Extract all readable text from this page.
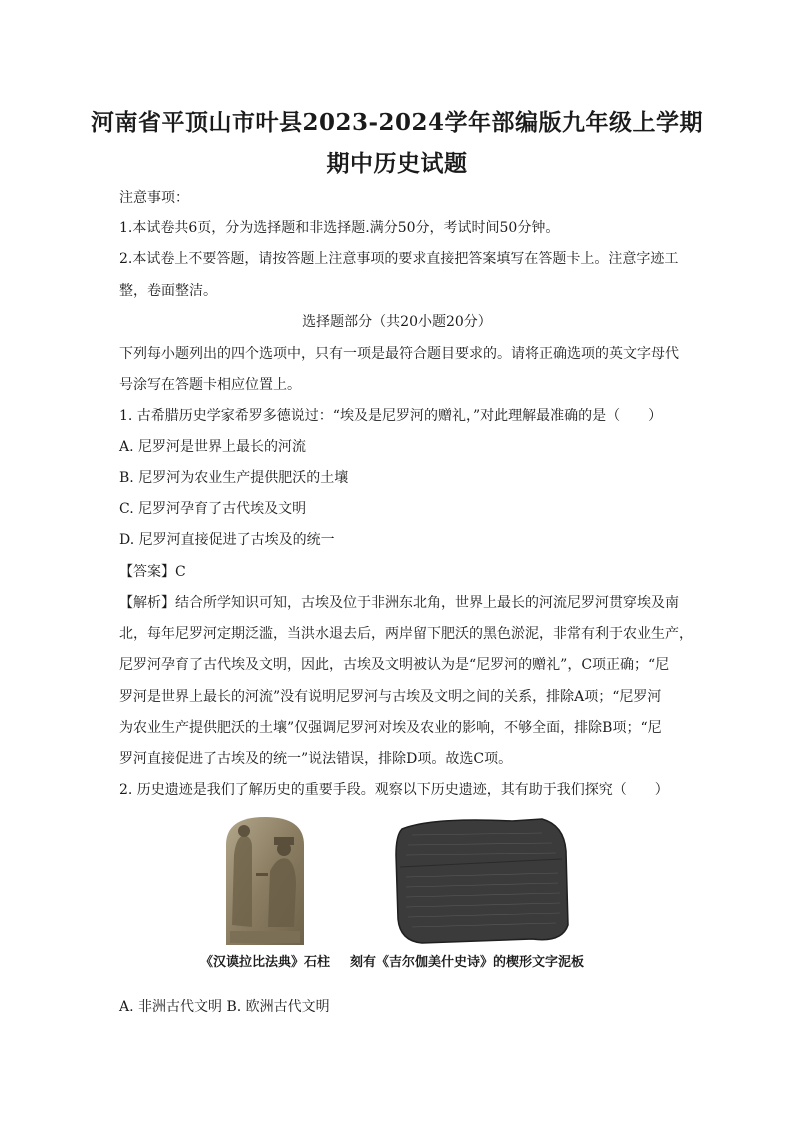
河南省平顶山市叶县2023-2024学年部编版九年级上学期
期中历史试题
注意事项：
1.本试卷共6页，分为选择题和非选择题.满分50分，考试时间50分钟。
2.本试卷上不要答题，请按答题上注意事项的要求直接把答案填写在答题卡上。注意字迹工
整，卷面整洁。
选择题部分（共20小题20分）
下列每小题列出的四个选项中，只有一项是最符合题目要求的。请将正确选项的英文字母代
号涂写在答题卡相应位置上。
1. 古希腊历史学家希罗多德说过：“埃及是尼罗河的赠礼，”对此理解最准确的是（　　）
A. 尼罗河是世界上最长的河流
B. 尼罗河为农业生产提供肥沃的土壤
C. 尼罗河孕育了古代埃及文明
D. 尼罗河直接促进了古埃及的统一
【答案】C
【解析】结合所学知识可知，古埃及位于非洲东北角，世界上最长的河流尼罗河贯穿埃及南
北，每年尼罗河定期泛滥，当洪水退去后，两岸留下肥沃的黑色淤泥，非常有利于农业生产，
尼罗河孕育了古代埃及文明，因此，古埃及文明被认为是“尼罗河的赠礼”，C项正确；“尼
罗河是世界上最长的河流”没有说明尼罗河与古埃及文明之间的关系，排除A项；“尼罗河
为农业生产提供肥沃的土壤”仅强调尼罗河对埃及农业的影响，不够全面，排除B项；“尼
罗河直接促进了古埃及的统一”说法错误，排除D项。故选C项。
2. 历史遗迹是我们了解历史的重要手段。观察以下历史遗迹，其有助于我们探究（　　）
《汉谟拉比法典》石柱 刻有《吉尔伽美什史诗》的楔形文字泥板
A. 非洲古代文明 B. 欧洲古代文明
